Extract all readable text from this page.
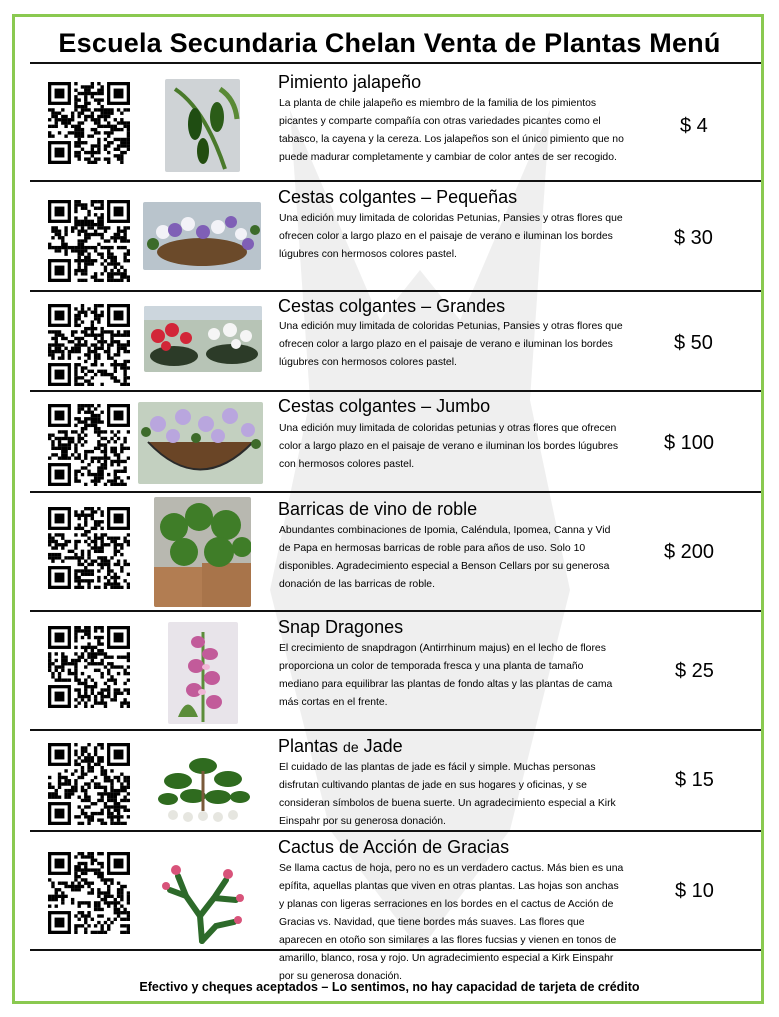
Escuela Secundaria Chelan Venta de Plantas Menú
Pimiento jalapeño
La planta de chile jalapeño es miembro de la familia de los pimientos picantes y comparte compañía con otras variedades picantes como el tabasco, la cayena y la cereza. Los jalapeños son el único pimiento que no puede madurar completamente y cambiar de color antes de ser recogido.
$ 4
Cestas colgantes – Pequeñas
Una edición muy limitada de coloridas Petunias, Pansies y otras flores que ofrecen color a largo plazo en el paisaje de verano e iluminan los bordes lúgubres con hermosos colores pastel.
$ 30
Cestas colgantes – Grandes
Una edición muy limitada de coloridas Petunias, Pansies y otras flores que ofrecen color a largo plazo en el paisaje de verano e iluminan los bordes lúgubres con hermosos colores pastel.
$ 50
Cestas colgantes – Jumbo
Una edición muy limitada de coloridas petunias y otras flores que ofrecen color a largo plazo en el paisaje de verano e iluminan los bordes lúgubres con hermosos colores pastel.
$ 100
Barricas de vino de roble
Abundantes combinaciones de Ipomia, Caléndula, Ipomea, Canna y Vid de Papa en hermosas barricas de roble para años de uso. Solo 10 disponibles. Agradecimiento especial a Benson Cellars por su generosa donación de las barricas de roble.
$ 200
Snap Dragones
El crecimiento de snapdragon (Antirrhinum majus) en el lecho de flores proporciona un color de temporada fresca y una planta de tamaño mediano para equilibrar las plantas de fondo altas y las plantas de cama más cortas en el frente.
$ 25
Plantas de Jade
El cuidado de las plantas de jade es fácil y simple. Muchas personas disfrutan cultivando plantas de jade en sus hogares y oficinas, y se consideran símbolos de buena suerte. Un agradecimiento especial a Kirk Einspahr por su generosa donación.
$ 15
Cactus de Acción de Gracias
Se llama cactus de hoja, pero no es un verdadero cactus. Más bien es una epífita, aquellas plantas que viven en otras plantas. Las hojas son anchas y planas con ligeras serraciones en los bordes en el cactus de Acción de Gracias vs. Navidad, que tiene bordes más suaves. Las flores que aparecen en otoño son similares a las flores fucsias y vienen en tonos de amarillo, blanco, rosa y rojo. Un agradecimiento especial a Kirk Einspahr por su generosa donación.
$ 10
Efectivo y cheques aceptados – Lo sentimos, no hay capacidad de tarjeta de crédito
